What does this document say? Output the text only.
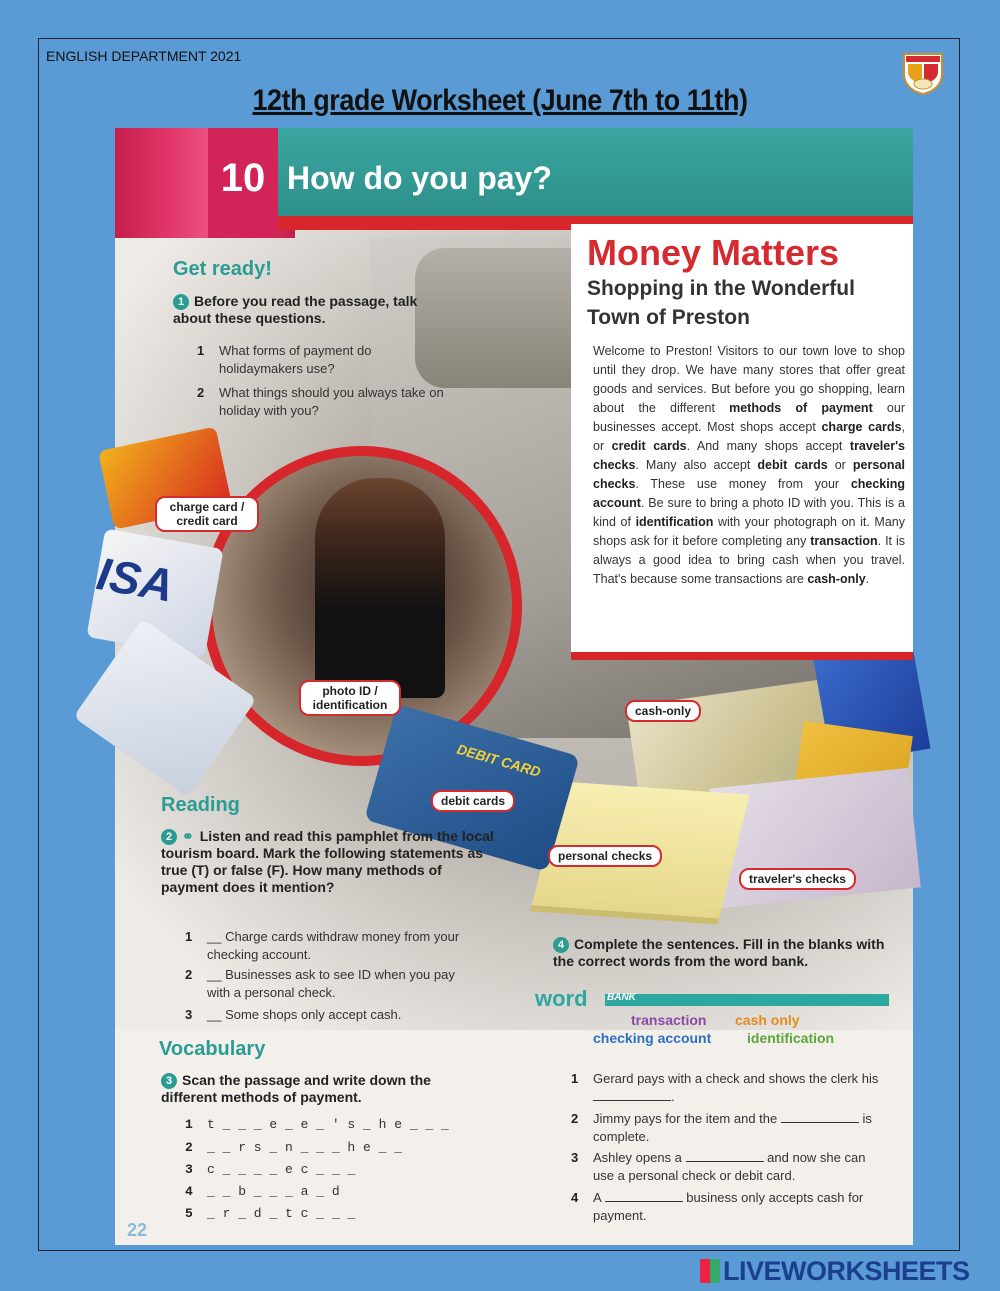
ENGLISH DEPARTMENT 2021
12th grade Worksheet (June 7th to 11th)
ISA
DEBIT CARD
10 How do you pay?
Get ready!
1 Before you read the passage, talk about these questions.
1 What forms of payment do holidaymakers use?
2 What things should you always take on holiday with you?
Money Matters
Shopping in the Wonderful
Town of Preston
Welcome to Preston! Visitors to our town love to shop until they drop. We have many stores that offer great goods and services. But before you go shopping, learn about the different methods of payment our businesses accept. Most shops accept charge cards, or credit cards. And many shops accept traveler's checks. Many also accept debit cards or personal checks. These use money from your checking account. Be sure to bring a photo ID with you. This is a kind of identification with your photograph on it. Many shops ask for it before completing any transaction. It is always a good idea to bring cash when you travel. That's because some transactions are cash-only.
charge card / credit card
photo ID / identification	cash-only
debit cards
personal checks
traveler's checks
Reading
2 ⚭ Listen and read this pamphlet from the local tourism board. Mark the following statements as true (T) or false (F). How many methods of payment does it mention?
1 __ Charge cards withdraw money from your checking account.
2 __ Businesses ask to see ID when you pay with a personal check.
3 __ Some shops only accept cash.
Vocabulary
3 Scan the passage and write down the different methods of payment.
1 t _ _ _ e _ e _ ' s _ h e _ _ _
2 _ _ r s _ n _ _ _ h e _ _
3 c _ _ _ _ e c _ _ _
4 _ _ b _ _ _ a _ d
5 _ r _ d _ t c _ _ _
4 Complete the sentences. Fill in the blanks with the correct words from the word bank.
word BANK
transaction cash only
checking account	identification
1 Gerard pays with a check and shows the clerk his .
2 Jimmy pays for the item and the	is complete.
3 Ashley opens a	and now she can use a personal check or debit card.
4 A	business only accepts cash for payment.
22
LIVEWORKSHEETS
